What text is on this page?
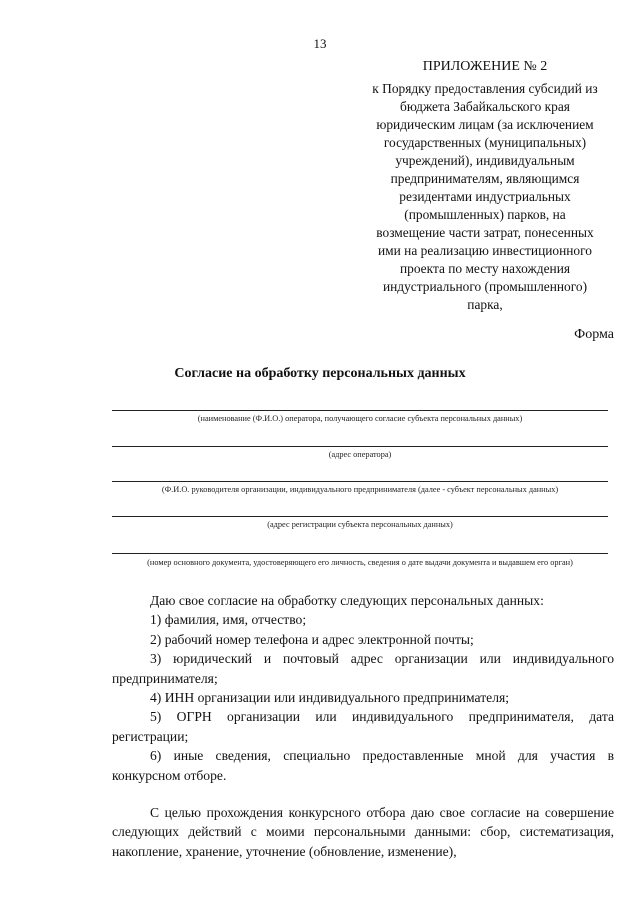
13
ПРИЛОЖЕНИЕ № 2
к Порядку предоставления субсидий из
бюджета Забайкальского края
юридическим лицам (за исключением
государственных (муниципальных)
учреждений), индивидуальным
предпринимателям, являющимся
резидентами индустриальных
(промышленных) парков, на
возмещение части затрат, понесенных
ими на реализацию инвестиционного
проекта по месту нахождения
индустриального (промышленного)
парка,
Форма
Согласие на обработку персональных данных
(наименование (Ф.И.О.) оператора, получающего согласие субъекта персональных данных)
(адрес оператора)
(Ф.И.О. руководителя организации, индивидуального предпринимателя (далее - субъект персональных данных)
(адрес регистрации субъекта персональных данных)
(номер основного документа, удостоверяющего его личность, сведения о дате выдачи документа и выдавшем его орган)

Даю свое согласие на обработку следующих персональных данных:

1) фамилия, имя, отчество;

2) рабочий номер телефона и адрес электронной почты;

3) юридический и почтовый адрес организации или индивидуального предпринимателя;

4) ИНН организации или индивидуального предпринимателя;

5) ОГРН организации или индивидуального предпринимателя, дата регистрации;

6) иные сведения, специально предоставленные мной для участия в конкурсном отборе.

С целью прохождения конкурсного отбора даю свое согласие на совершение следующих действий с моими персональными данными: сбор, систематизация, накопление, хранение, уточнение (обновление, изменение),
